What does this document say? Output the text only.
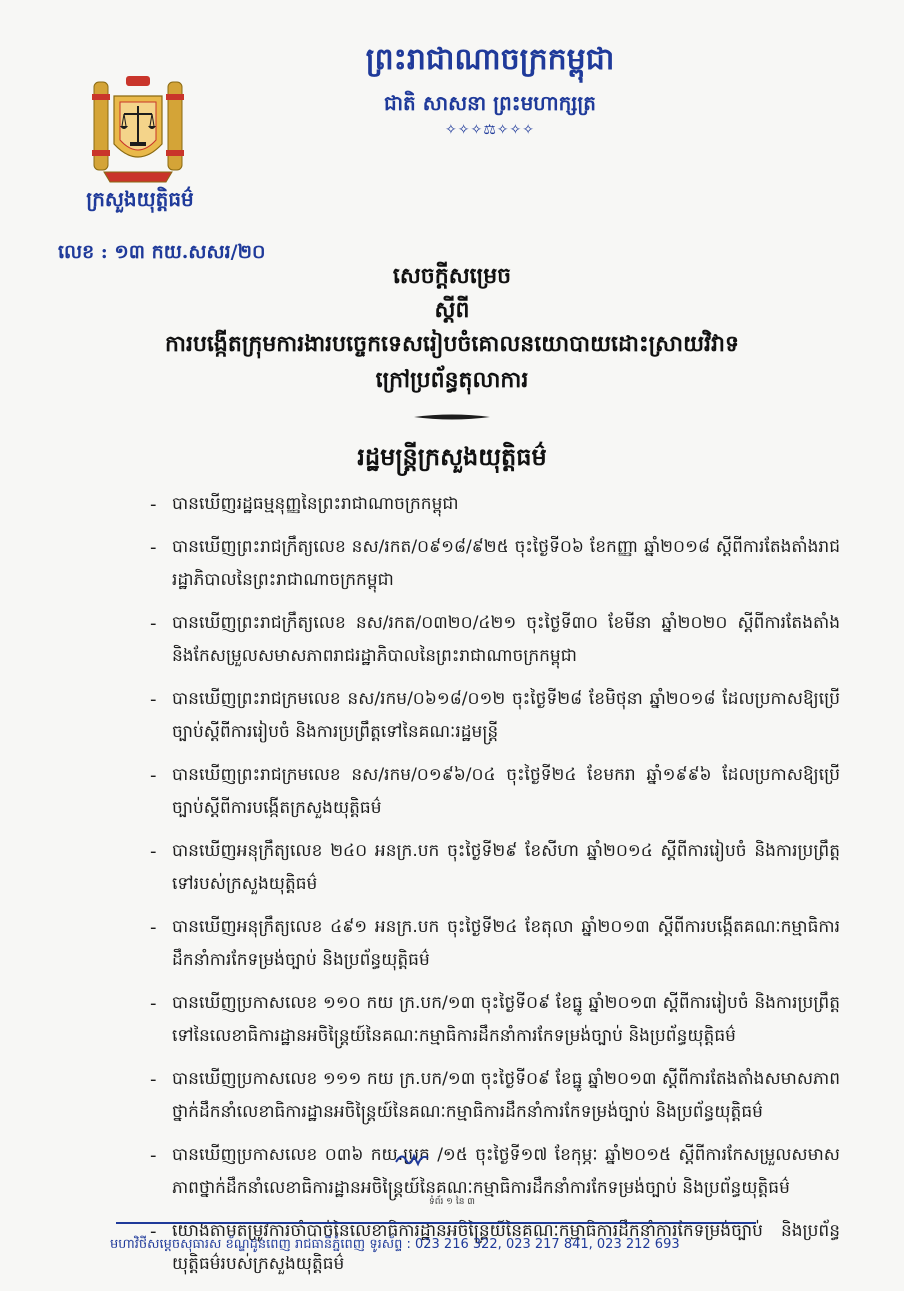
ព្រះរាជាណាចក្រកម្ពុជា
ជាតិ សាសនា ព្រះមហាក្សត្រ
✧✧✧⚖✧✧✧
ក្រសួងយុត្តិធម៌
លេខ : ១៣ កយ.សសរ/២០
សេចក្តីសម្រេច
ស្តីពី
ការបង្កើតក្រុមការងារបច្ចេកទេសរៀបចំគោលនយោបាយដោះស្រាយវិវាទ
ក្រៅប្រព័ន្ធតុលាការ
រដ្ឋមន្ត្រីក្រសួងយុត្តិធម៌
- បានឃើញរដ្ឋធម្មនុញ្ញនៃព្រះរាជាណាចក្រកម្ពុជា
- បានឃើញព្រះរាជក្រឹត្យលេខ នស/រកត/០៩១៨/៩២៥ ចុះថ្ងៃទី០៦ ខែកញ្ញា ឆ្នាំ២០១៨ ស្តីពីការតែងតាំងរាជរដ្ឋាភិបាលនៃព្រះរាជាណាចក្រកម្ពុជា
- បានឃើញព្រះរាជក្រឹត្យលេខ នស/រកត/០៣២០/៤២១ ចុះថ្ងៃទី៣០ ខែមីនា ឆ្នាំ២០២០ ស្តីពីការតែងតាំង និងកែសម្រួលសមាសភាពរាជរដ្ឋាភិបាលនៃព្រះរាជាណាចក្រកម្ពុជា
- បានឃើញព្រះរាជក្រមលេខ នស/រកម/០៦១៨/០១២ ចុះថ្ងៃទី២៨ ខែមិថុនា ឆ្នាំ២០១៨ ដែលប្រកាសឱ្យប្រើច្បាប់ស្តីពីការរៀបចំ និងការប្រព្រឹត្តទៅនៃគណៈរដ្ឋមន្ត្រី
- បានឃើញព្រះរាជក្រមលេខ នស/រកម/០១៩៦/០៤ ចុះថ្ងៃទី២៤ ខែមករា ឆ្នាំ១៩៩៦ ដែលប្រកាសឱ្យប្រើច្បាប់ស្តីពីការបង្កើតក្រសួងយុត្តិធម៌
- បានឃើញអនុក្រឹត្យលេខ ២៤០ អនក្រ.បក ចុះថ្ងៃទី២៩ ខែសីហា ឆ្នាំ២០១៤ ស្តីពីការរៀបចំ និងការប្រព្រឹត្តទៅរបស់ក្រសួងយុត្តិធម៌
- បានឃើញអនុក្រឹត្យលេខ ៤៩១ អនក្រ.បក ចុះថ្ងៃទី២៤ ខែតុលា ឆ្នាំ២០១៣ ស្តីពីការបង្កើតគណៈកម្មាធិការដឹកនាំការកែទម្រង់ច្បាប់ និងប្រព័ន្ធយុត្តិធម៌
- បានឃើញប្រកាសលេខ ១១០ កយ ក្រ.បក/១៣ ចុះថ្ងៃទី០៩ ខែធ្នូ ឆ្នាំ២០១៣ ស្តីពីការរៀបចំ និងការប្រព្រឹត្តទៅនៃលេខាធិការដ្ឋានអចិន្ត្រៃយ៍នៃគណៈកម្មាធិការដឹកនាំការកែទម្រង់ច្បាប់ និងប្រព័ន្ធយុត្តិធម៌
- បានឃើញប្រកាសលេខ ១១១ កយ ក្រ.បក/១៣ ចុះថ្ងៃទី០៩ ខែធ្នូ ឆ្នាំ២០១៣ ស្តីពីការតែងតាំងសមាសភាពថ្នាក់ដឹកនាំលេខាធិការដ្ឋានអចិន្ត្រៃយ៍នៃគណៈកម្មាធិការដឹកនាំការកែទម្រង់ច្បាប់ និងប្រព័ន្ធយុត្តិធម៌
- បានឃើញប្រកាសលេខ ០៣៦ កយ.ប្រក /១៥ ចុះថ្ងៃទី១៧ ខែកុម្ភៈ ឆ្នាំ២០១៥ ស្តីពីការកែសម្រួលសមាសភាពថ្នាក់ដឹកនាំលេខាធិការដ្ឋានអចិន្ត្រៃយ៍នៃគណៈកម្មាធិការដឹកនាំការកែទម្រង់ច្បាប់ និងប្រព័ន្ធយុត្តិធម៌
- យោងតាមតម្រូវការចាំបាច់នៃលេខាធិការដ្ឋានអចិន្ត្រៃយ៍នៃគណៈកម្មាធិការដឹកនាំការកែទម្រង់ច្បាប់ និងប្រព័ន្ធយុត្តិធម៌របស់ក្រសួងយុត្តិធម៌
ទំព័រ ១ នៃ ៣
មហាវិថីសម្តេចសុធារស ខ័ណ្ឌដូនពេញ រាជធានីភ្នំពេញ ទូរស័ព្ទ : 023 216 322, 023 217 841, 023 212 693
